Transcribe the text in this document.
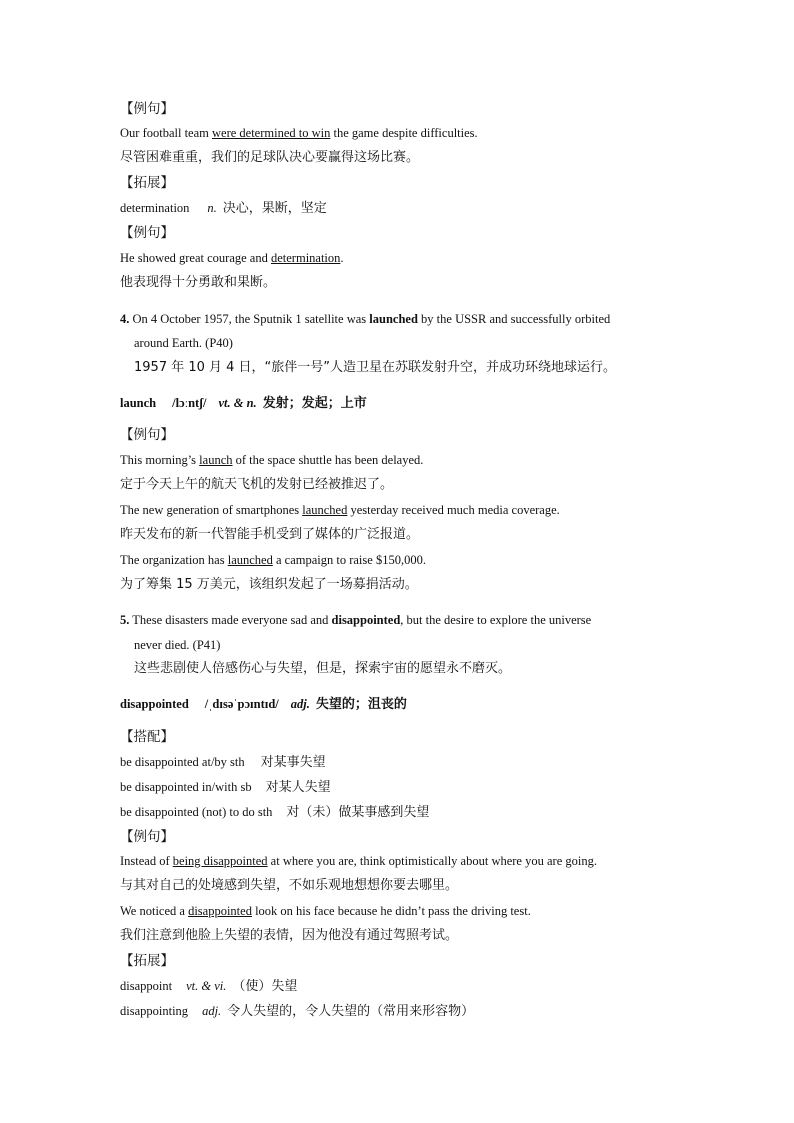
【例句】
Our football team were determined to win the game despite difficulties.
尽管困难重重，我们的足球队决心要赢得这场比赛。
【拓展】
determination n. 决心，果断，坚定
【例句】
He showed great courage and determination.
他表现得十分勇敢和果断。
4. On 4 October 1957, the Sputnik 1 satellite was launched by the USSR and successfully orbited
around Earth. (P40)
1957 年 10 月 4 日，“旅伴一号”人造卫星在苏联发射升空，并成功环绕地球运行。
launch /lɔːntʃ/ vt. & n. 发射；发起；上市
【例句】
This morning’s launch of the space shuttle has been delayed.
定于今天上午的航天飞机的发射已经被推迟了。
The new generation of smartphones launched yesterday received much media coverage.
昨天发布的新一代智能手机受到了媒体的广泛报道。
The organization has launched a campaign to raise $150,000.
为了筹集 15 万美元，该组织发起了一场募捐活动。
5. These disasters made everyone sad and disappointed, but the desire to explore the universe
never died. (P41)
这些悲剧使人倍感伤心与失望，但是，探索宇宙的愿望永不磨灭。
disappointed /ˌdɪsəˈpɔɪntɪd/ adj. 失望的；沮丧的
【搭配】
be disappointed at/by sth 对某事失望
be disappointed in/with sb 对某人失望
be disappointed (not) to do sth 对（未）做某事感到失望
【例句】
Instead of being disappointed at where you are, think optimistically about where you are going.
与其对自己的处境感到失望，不如乐观地想想你要去哪里。
We noticed a disappointed look on his face because he didn’t pass the driving test.
我们注意到他脸上失望的表情，因为他没有通过驾照考试。
【拓展】
disappoint vt. & vi. （使）失望
disappointing adj. 令人失望的，令人失望的（常用来形容物）
